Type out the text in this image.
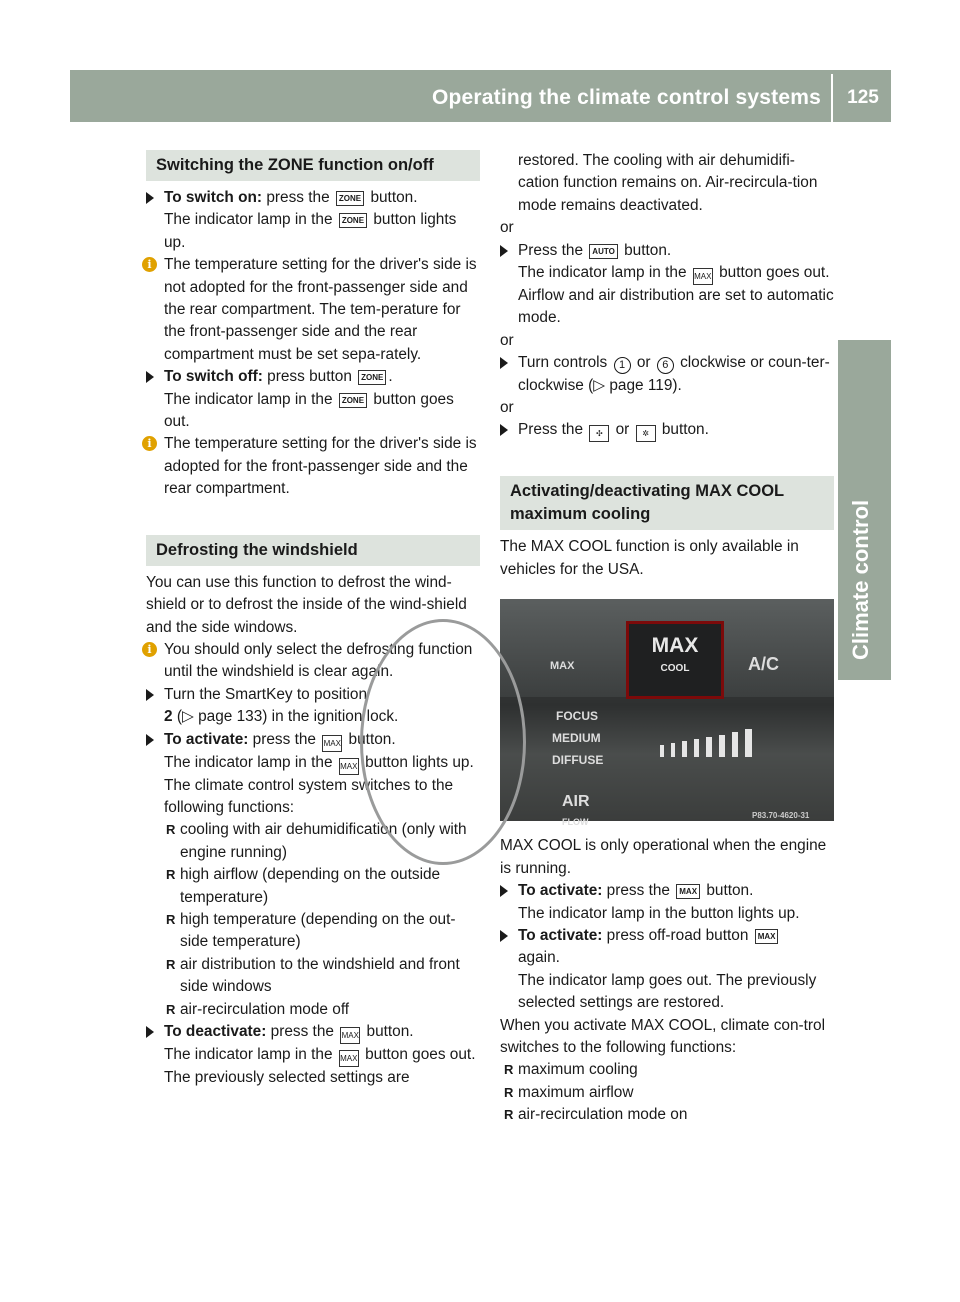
Operating the climate control systems	125
Climate control
Switching the ZONE function on/off

To switch on: press the ZONE button.
The indicator lamp in the ZONE button lights up.

i The temperature setting for the driver's side is not adopted for the front-passenger side and the rear compartment. The tem-perature for the front-passenger side and the rear compartment must be set sepa-rately.

To switch off: press button ZONE .
The indicator lamp in the ZONE button goes out.

i The temperature setting for the driver's side is adopted for the front-passenger side and the rear compartment.

Defrosting the windshield

You can use this function to defrost the wind-shield or to defrost the inside of the wind-shield and the side windows.

i You should only select the defrosting function until the windshield is clear again.

Turn the SmartKey to position
2 (▷ page 133) in the ignition lock.

To activate: press the MAX button.
The indicator lamp in the MAX button lights up.
The climate control system switches to the following functions:

R cooling with air dehumidification (only with engine running)

R high airflow (depending on the outside temperature)

R high temperature (depending on the out-side temperature)

R air distribution to the windshield and front side windows

R air-recirculation mode off

To deactivate: press the MAX button.
The indicator lamp in the MAX button goes out. The previously selected settings are

restored. The cooling with air dehumidifi-cation function remains on. Air-recircula-tion mode remains deactivated.

or

Press the AUTO button.
The indicator lamp in the MAX button goes out. Airflow and air distribution are set to automatic mode.

or

Turn controls 1 or 6 clockwise or coun-ter-clockwise (▷ page 119).

or

Press the ✣ or ✲ button.

Activating/deactivating MAX COOL maximum cooling

The MAX COOL function is only available in vehicles for the USA.

MAX
MAX
COOL	A/C
FOCUS
MEDIUM
DIFFUSE
AIR
FLOW
P83.70-4620-31

MAX COOL is only operational when the engine is running.

To activate: press the MAX button.
The indicator lamp in the button lights up.

To activate: press off-road button MAX
again.
The indicator lamp goes out. The previously selected settings are restored.

When you activate MAX COOL, climate con-trol switches to the following functions:

R maximum cooling

R maximum airflow

R air-recirculation mode on
